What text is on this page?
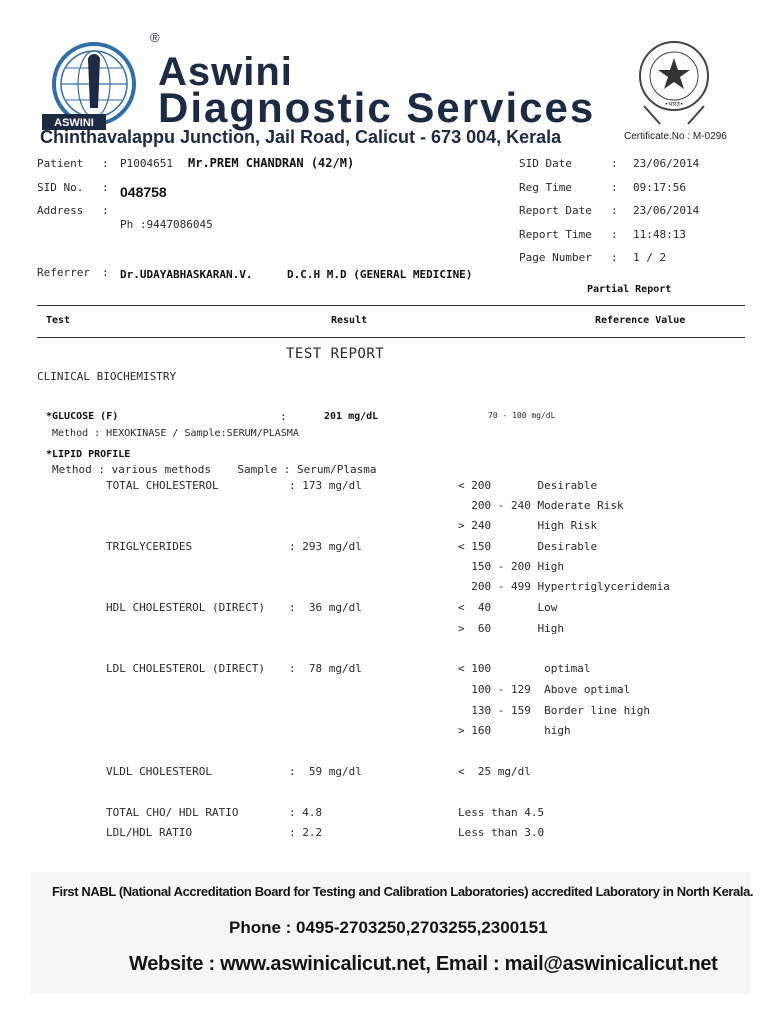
ASWINI
®
Aswini
Diagnostic Services
Chinthavalappu Junction, Jail Road, Calicut - 673 004, Kerala
•भारत•
Certificate.No : M-0296
Patient : P1004651 Mr.PREM CHANDRAN (42/M)
SID No. : 048758
Address :
Ph :9447086045
Referrer : Dr.UDAYABHASKARAN.V.	D.C.H M.D (GENERAL MEDICINE)
SID Date	: 23/06/2014
Reg Time	: 09:17:56
Report Date : 23/06/2014
Report Time : 11:48:13
Page Number : 1 / 2
Partial Report
Test	Result	Reference Value
TEST REPORT
CLINICAL BIOCHEMISTRY
*GLUCOSE (F)	:	201 mg/dL	70 - 100 mg/dL
Method : HEXOKINASE / Sample:SERUM/PLASMA
*LIPID PROFILE
Method : various methods    Sample : Serum/Plasma
TOTAL CHOLESTEROL	: 173 mg/dl	< 200       Desirable
200 - 240 Moderate Risk
> 240       High Risk
TRIGLYCERIDES	: 293 mg/dl	< 150       Desirable
150 - 200 High
200 - 499 Hypertriglyceridemia
HDL CHOLESTEROL (DIRECT) :  36 mg/dl	<  40       Low
>  60       High
LDL CHOLESTEROL (DIRECT) :  78 mg/dl	< 100        optimal
100 - 129  Above optimal
130 - 159  Border line high
> 160        high
VLDL CHOLESTEROL	:  59 mg/dl	<  25 mg/dl
TOTAL CHO/ HDL RATIO	: 4.8	Less than 4.5
LDL/HDL RATIO	: 2.2	Less than 3.0
First NABL (National Accreditation Board for Testing and Calibration Laboratories) accredited Laboratory in North Kerala.
Phone : 0495-2703250,2703255,2300151
Website : www.aswinicalicut.net, Email : mail@aswinicalicut.net
